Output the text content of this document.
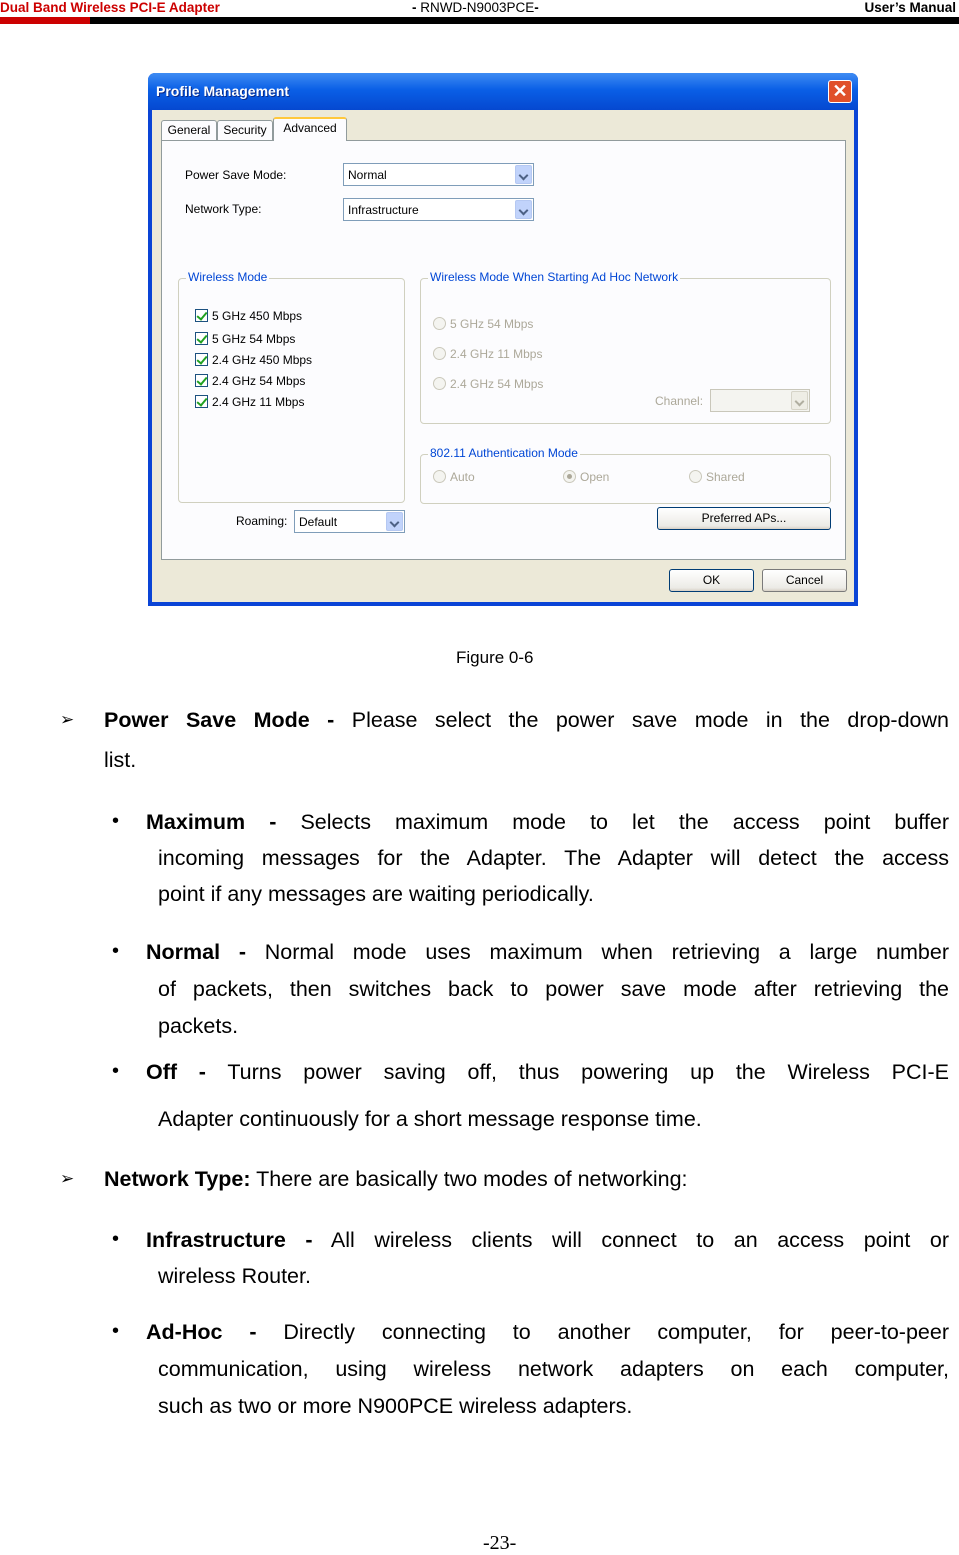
Dual Band Wireless PCI-E Adapter	- RNWD-N9003PCE-	User’s Manual
Profile Management	✕
General	Security	Advanced
Power Save Mode:	Normal
Network Type:	Infrastructure
Wireless Mode
5 GHz 450 Mbps
5 GHz 54 Mbps
2.4 GHz 450 Mbps
2.4 GHz 54 Mbps
2.4 GHz 11 Mbps
Wireless Mode When Starting Ad Hoc Network
5 GHz 54 Mbps
2.4 GHz 11 Mbps
2.4 GHz 54 Mbps
Channel:
802.11 Authentication Mode
Auto	Open	Shared
Roaming: Default	Preferred APs...
OK	Cancel
Figure 0-6
➢ Power Save Mode - Please select the power save mode in the drop-down
list.
• Maximum - Selects maximum mode to let the access point buffer
incoming messages for the Adapter. The Adapter will detect the access
point if any messages are waiting periodically.
• Normal - Normal mode uses maximum when retrieving a large number
of packets, then switches back to power save mode after retrieving the
packets.
• Off - Turns power saving off, thus powering up the Wireless PCI-E
Adapter continuously for a short message response time.
➢ Network Type: There are basically two modes of networking:
• Infrastructure - All wireless clients will connect to an access point or
wireless Router.
• Ad-Hoc - Directly connecting to another computer, for peer-to-peer
communication, using wireless network adapters on each computer,
such as two or more N900PCE wireless adapters.
-23-
